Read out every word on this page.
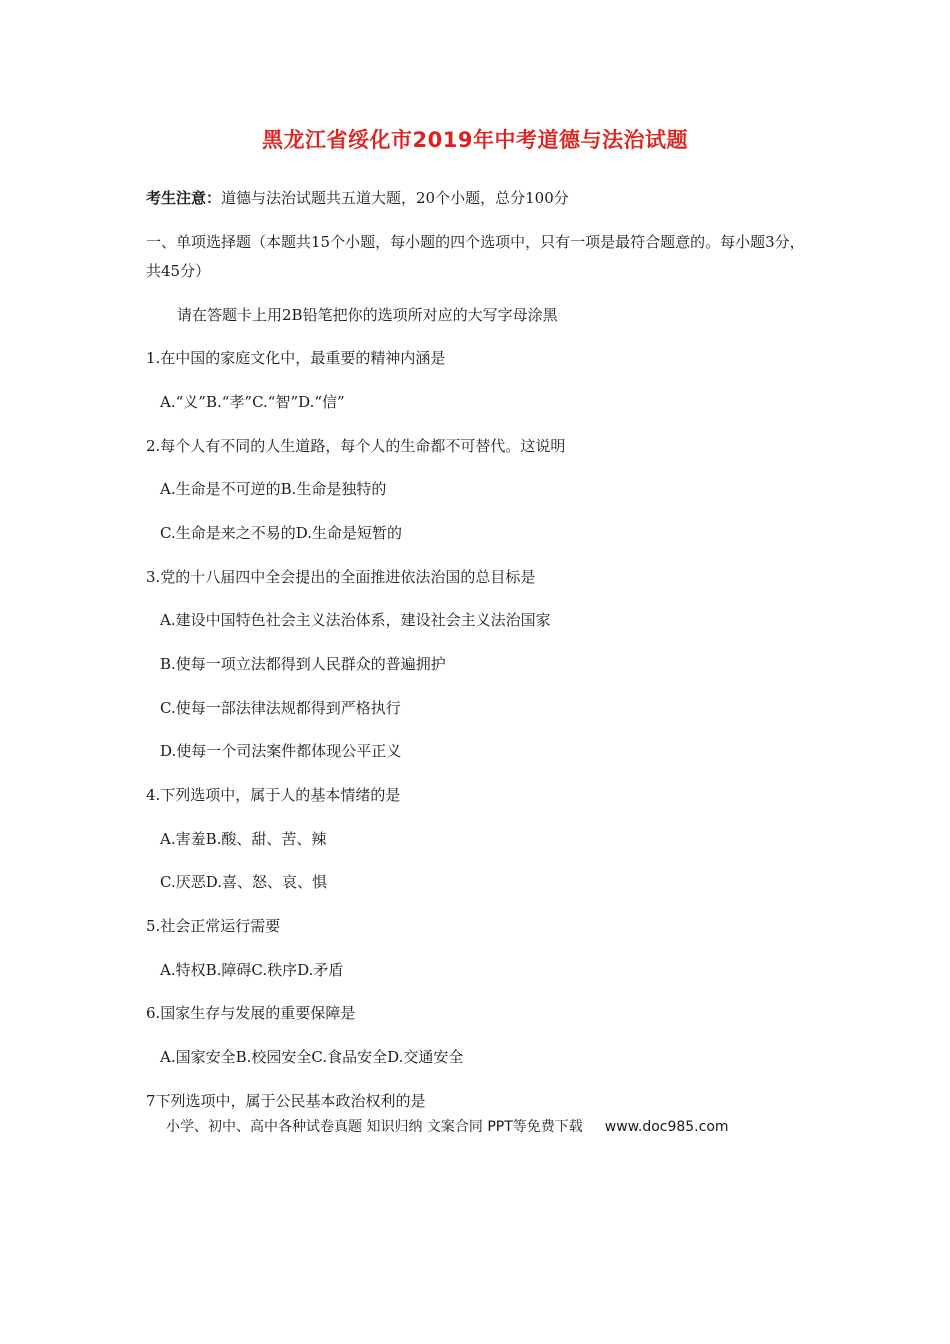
黑龙江省绥化市2019年中考道德与法治试题
考生注意：道德与法治试题共五道大题，20个小题，总分100分
一、单项选择题（本题共15个小题，每小题的四个选项中，只有一项是最符合题意的。每小题3分，共45分）
请在答题卡上用2B铅笔把你的选项所对应的大写字母涂黑
1.在中国的家庭文化中，最重要的精神内涵是
A.“义”B.“孝”C.“智”D.“信”
2.每个人有不同的人生道路，每个人的生命都不可替代。这说明
A.生命是不可逆的B.生命是独特的
C.生命是来之不易的D.生命是短暂的
3.党的十八届四中全会提出的全面推进依法治国的总目标是
A.建设中国特色社会主义法治体系，建设社会主义法治国家
B.使每一项立法都得到人民群众的普遍拥护
C.使每一部法律法规都得到严格执行
D.使每一个司法案件都体现公平正义
4.下列选项中，属于人的基本情绪的是
A.害羞B.酸、甜、苦、辣
C.厌恶D.喜、怒、哀、惧
5.社会正常运行需要
A.特权B.障碍C.秩序D.矛盾
6.国家生存与发展的重要保障是
A.国家安全B.校园安全C.食品安全D.交通安全
7下列选项中，属于公民基本政治权利的是
小学、初中、高中各种试卷真题 知识归纳 文案合同 PPT等免费下载 www.doc985.com
